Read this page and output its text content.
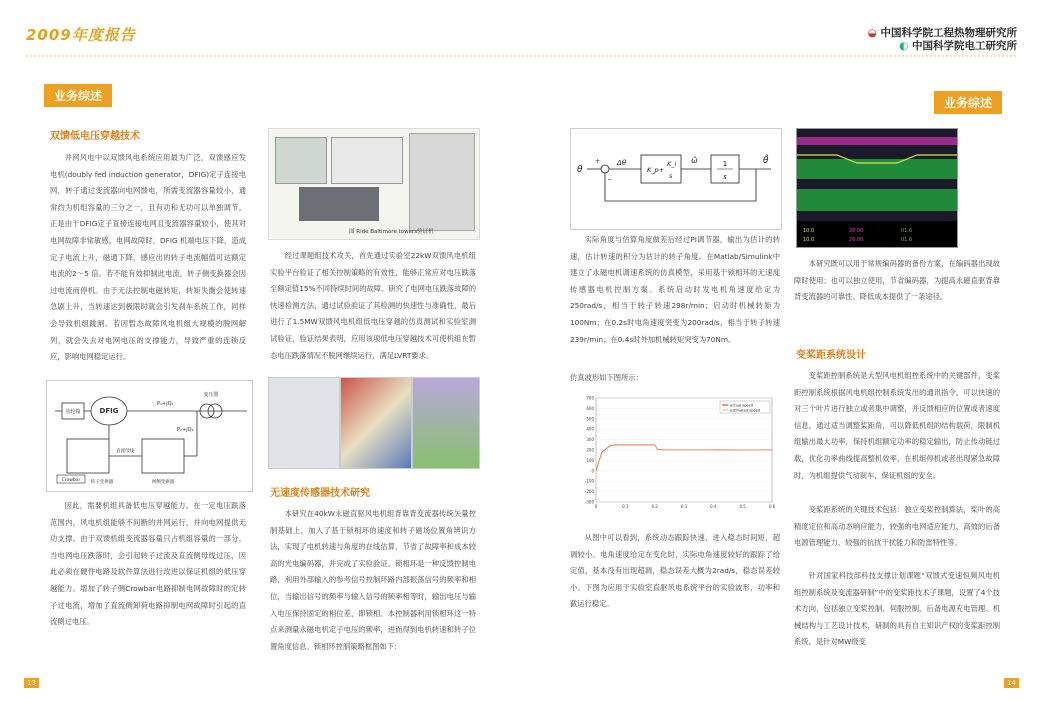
2009年度报告	◒ 中国科学院工程热物理研究所
◐ 中国科学院电工研究所
业务综述	业务综述
双馈低电压穿越技术
井网风电中以双馈风电系统应用最为广泛，双馈感应发电机(doubly fed induction generator，DFIG)定子连接电网，转子通过变流器向电网馈电，所需变流器容量较小，通常约为机组容量的三分之一，且有功和无功可以单独调节。正是由于DFIG定子直接连接电网且变流器容量较小，使其对电网故障非常敏感。电网故障时，DFIG 机端电压下降，造成定子电流上升，磁通下降，感应出的转子电流幅值可达额定电流的2～5 倍。若不能有效抑制此电流，转子侧变换器会因过电流而停机。由于无法控制电磁转矩，转矩失衡会使转速急剧上升，当转速达到极限时就会引发刹车系统工作，同样会导致机组跳闸。若因暂态故障风电机组大规模的脱网解列，就会失去对电网电压的支撑能力，导致严重的连锁反应，影响电网稳定运行。
齿轮箱	DFIG
变压器
P₁+jQ₁
P₂+jQ₂
直流母线
Crowbar 转子变换器	网侧变换器
因此，需要机组具备低电压穿越能力。在一定电压跌落范围内，风电机组能够不间断的并网运行，并向电网提供无功支撑。由于双馈机组变流器容量只占机组容量的一部分，当电网电压跌落时，会引起转子过流及直流侧母线过压，因此必须在硬件电路及软件算法进行改进以保证机组的低压穿越能力。增加了转子侧Crowbar电路抑制电网故障时的定转子过电流，增加了直流侧卸荷电路抑制电网故障时引起的直流侧过电压。
图 Ride Baltimore towers验证机
经过课题组技术攻关，首先通过实验室22kW双馈风电机组实验平台验证了相关控制策略的有效性，能够正常应对电压跌落至额定值15%不同持续时间的故障。研究了电网电压跌落故障的快速检测方法，通过试验验证了其检测的快速性与准确性，最后进行了1.5MW双馈风电机组低电压穿越的仿真测试和实验室测试验证，验证结果表明，应用该项低电压穿越技术可使机组在暂态电压跌落情况不脱网继续运行，满足LVRT要求。
无速度传感器技术研究
本研究在40kW永磁直驱风电机组背靠背变流器传统矢量控制基础上，加入了基于锁相环的速度和转子磁场位置角辨识方法，实现了电机转速与角度的在线估算，节省了故障率和成本较高的光电编码器，并完成了实验验证。锁相环是一种反馈控制电路，利用外部输入的参考信号控制环路内部振荡信号的频率和相位，当输出信号的频率与输入信号的频率相等时，输出电压与输入电压保持固定的相位差，即锁相。本控制器利用锁相环这一特点来测量永磁电机定子电压的频率，进而得到电机转速和转子位置角度信息。锁相环控制策略框图如下：
θ
+
−
Δθ
K_p+
K_i
s
ω̂	1
s
θ̂
实际角度与估算角度做差后经过PI调节器，输出为估计的转速，估计转速的积分为估计的转子角度。在Matlab/Simulink中建立了永磁电机调速系统的仿真模型，采用基于锁相环的无速度传感器电机控制方案。系统启动时发电机角速度给定为250rad/s，相当于转子转速298r/min；启动时机械转矩为100Nm；在0.2s时电角速度突变为200rad/s，相当于转子转速239r/min；在0.4s时外加机械转矩突变为70Nm。
仿真波形如下图所示：
-300
-200
-100
0
100
200
300
400
500
600
700
0	0.1	0.2	0.3	0.4	0.5	0.6
actual speed
estimated speed
从图中可以看到，系统动态跟踪快速，进入稳态时间短，超调较小。电角速度给定在变化时，实际电角速度较好的跟踪了给定值，基本没有出现超调，稳态误差大概为2rad/s，稳态误差较小。下图为应用于实验室直驱风电系统平台的实验波形，功率和截运行稳定。
10.0
10.0
20.00
20.00
01.6
01.6
本研究既可以用于常规编码器的备份方案，在编码器出现故障时使用；也可以独立使用，节省编码器，为提高永磁直驱背靠背变流器的可靠性、降低成本提供了一条途径。
变桨距系统设计
变桨距控制系统是大型风电机组控系统中的关键部件，变桨距控制系统根据风电机组控制系统发出的通讯指令，可以快速的对三个叶片进行独立或者集中调整，并反馈相应的位置或者速度信息，通过适当调整桨距角，可以降低机组的结构载荷，限制机组输出最大功率，保持机组额定功率的稳定输出，防止传动链过载，优化功率曲线提高整机效率，在机组停机或者出现紧急故障时，为机组提供气动刹车，保证机组的安全。
变桨距系统的关键技术包括：独立变桨控制算法，桨叶的高精度定位和高动态响应能力，较强的电网适应能力，高效的后备电源管理能力，较强的抗扰干扰能力和防雷特性等。
针对国家科技部科技支撑计划课题“双馈式变速恒频风电机组控制系统及变流器研制”中的变桨距技术子课题，设置了4个技术方向，包括独立变桨控制、伺服控制、后备电源充电管理、机械结构与工艺设计技术，研制的具有自主知识产权的变桨距控制系统，是针对MW级变
13	14
